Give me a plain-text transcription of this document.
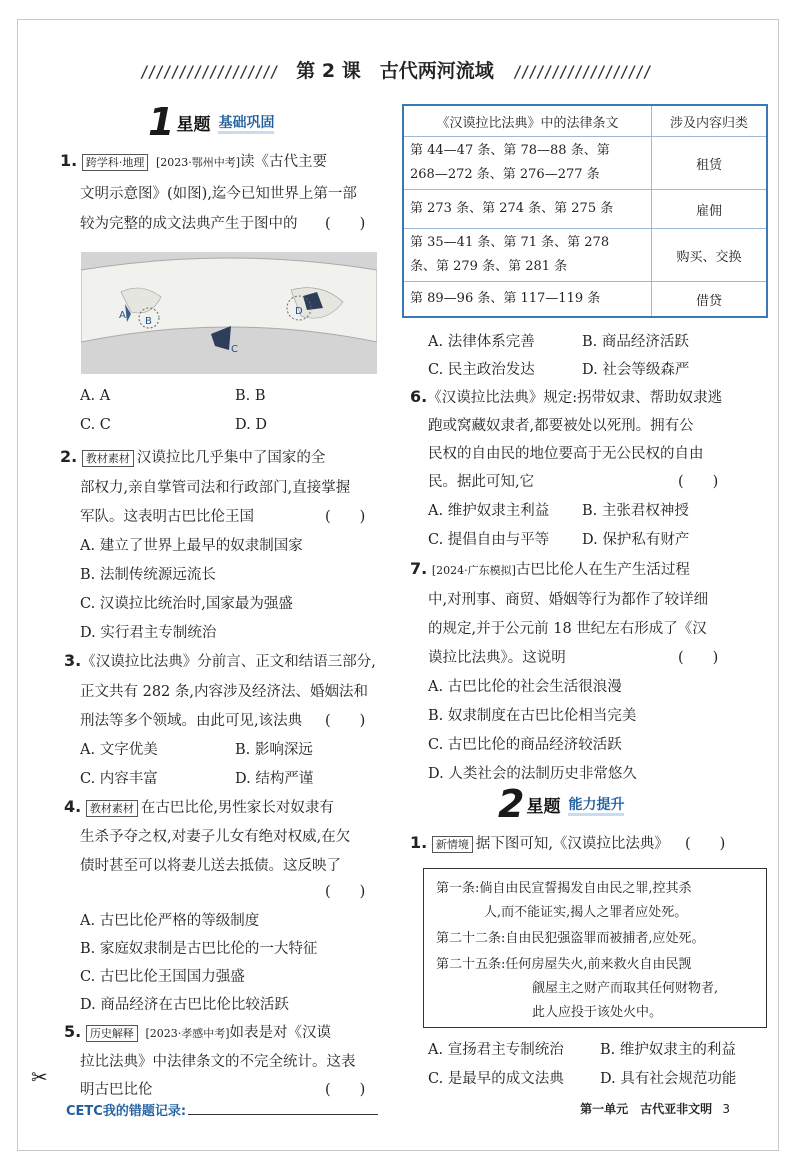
////////////////// 第 2 课　古代两河流域 //////////////////
1 星题 基础巩固
1. 跨学科·地理 [2023·鄂州中考]读《古代主要
文明示意图》(如图),迄今已知世界上第一部
较为完整的成文法典产生于图中的 (　　)
A
B
C
D
A. A	B. B
C. C	D. D
2. 教材素材 汉谟拉比几乎集中了国家的全
部权力,亲自掌管司法和行政部门,直接掌握
军队。这表明古巴比伦王国	(　　)
A. 建立了世界上最早的奴隶制国家
B. 法制传统源远流长
C. 汉谟拉比统治时,国家最为强盛
D. 实行君主专制统治
3.《汉谟拉比法典》分前言、正文和结语三部分,
正文共有 282 条,内容涉及经济法、婚姻法和
刑法等多个领域。由此可见,该法典 (　　)
A. 文字优美	B. 影响深远
C. 内容丰富	D. 结构严谨
4. 教材素材 在古巴比伦,男性家长对奴隶有
生杀予夺之权,对妻子儿女有绝对权威,在欠
债时甚至可以将妻儿送去抵债。这反映了
(　　)
A. 古巴比伦严格的等级制度
B. 家庭奴隶制是古巴比伦的一大特征
C. 古巴比伦王国国力强盛
D. 商品经济在古巴比伦比较活跃
5. 历史解释 [2023·孝感中考]如表是对《汉谟
拉比法典》中法律条文的不完全统计。这表
明古巴比伦	(　　)
《汉谟拉比法典》中的法律条文	涉及内容归类
第 44—47 条、第 78—88 条、第
268—272 条、第 276—277 条	租赁
第 273 条、第 274 条、第 275 条	雇佣
第 35—41 条、第 71 条、第 278
条、第 279 条、第 281 条	购买、交换
第 89—96 条、第 117—119 条	借贷
A. 法律体系完善	B. 商品经济活跃
C. 民主政治发达	D. 社会等级森严
6.《汉谟拉比法典》规定:拐带奴隶、帮助奴隶逃
跑或窝藏奴隶者,都要被处以死刑。拥有公
民权的自由民的地位要高于无公民权的自由
民。据此可知,它	(　　)
A. 维护奴隶主利益 B. 主张君权神授
C. 提倡自由与平等 D. 保护私有财产
7. [2024·广东模拟]古巴比伦人在生产生活过程
中,对刑事、商贸、婚姻等行为都作了较详细
的规定,并于公元前 18 世纪左右形成了《汉
谟拉比法典》。这说明	(　　)
A. 古巴比伦的社会生活很浪漫
B. 奴隶制度在古巴比伦相当完美
C. 古巴比伦的商品经济较活跃
D. 人类社会的法制历史非常悠久
2 星题 能力提升
1. 新情境 据下图可知,《汉谟拉比法典》 (　　)
第一条:倘自由民宣誓揭发自由民之罪,控其杀
人,而不能证实,揭人之罪者应处死。
第二十二条:自由民犯强盗罪而被捕者,应处死。
第二十五条:任何房屋失火,前来救火自由民觊
觎屋主之财产而取其任何财物者,
此人应投于该处火中。
A. 宣扬君主专制统治	B. 维护奴隶主的利益
C. 是最早的成文法典 D. 具有社会规范功能
✂
CETC我的错题记录:	第一单元　古代亚非文明 3
